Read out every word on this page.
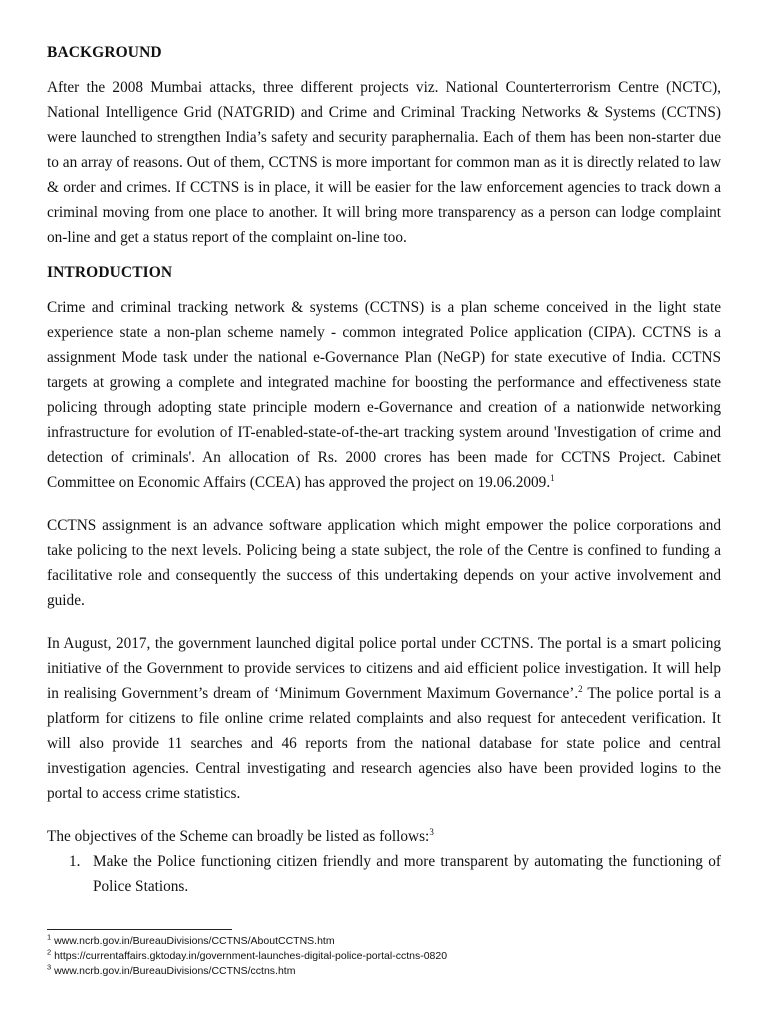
BACKGROUND

After the 2008 Mumbai attacks, three different projects viz. National Counterterrorism Centre (NCTC), National Intelligence Grid (NATGRID) and Crime and Criminal Tracking Networks & Systems (CCTNS) were launched to strengthen India’s safety and security paraphernalia. Each of them has been non-starter due to an array of reasons. Out of them, CCTNS is more important for common man as it is directly related to law & order and crimes. If CCTNS is in place, it will be easier for the law enforcement agencies to track down a criminal moving from one place to another. It will bring more transparency as a person can lodge complaint on-line and get a status report of the complaint on-line too.

INTRODUCTION

Crime and criminal tracking network & systems (CCTNS) is a plan scheme conceived in the light state experience state a non-plan scheme namely - common integrated Police application (CIPA). CCTNS is a assignment Mode task under the national e-Governance Plan (NeGP) for state executive of India. CCTNS targets at growing a complete and integrated machine for boosting the performance and effectiveness state policing through adopting state principle modern e-Governance and creation of a nationwide networking infrastructure for evolution of IT-enabled-state-of-the-art tracking system around 'Investigation of crime and detection of criminals'. An allocation of Rs. 2000 crores has been made for CCTNS Project. Cabinet Committee on Economic Affairs (CCEA) has approved the project on 19.06.2009.$^1$

CCTNS assignment is an advance software application which might empower the police corporations and take policing to the next levels. Policing being a state subject, the role of the Centre is confined to funding a facilitative role and consequently the success of this undertaking depends on your active involvement and guide.

In August, 2017, the government launched digital police portal under CCTNS. The portal is a smart policing initiative of the Government to provide services to citizens and aid efficient police investigation. It will help in realising Government’s dream of ‘Minimum Government Maximum Governance’.$^2$ The police portal is a platform for citizens to file online crime related complaints and also request for antecedent verification. It will also provide 11 searches and 46 reports from the national database for state police and central investigation agencies. Central investigating and research agencies also have been provided logins to the portal to access crime statistics.

The objectives of the Scheme can broadly be listed as follows:$^3$

1. Make the Police functioning citizen friendly and more transparent by automating the functioning of Police Stations.
$^1$ www.ncrb.gov.in/BureauDivisions/CCTNS/AboutCCTNS.htm
$^2$ https://currentaffairs.gktoday.in/government-launches-digital-police-portal-cctns-0820
$^3$ www.ncrb.gov.in/BureauDivisions/CCTNS/cctns.htm
